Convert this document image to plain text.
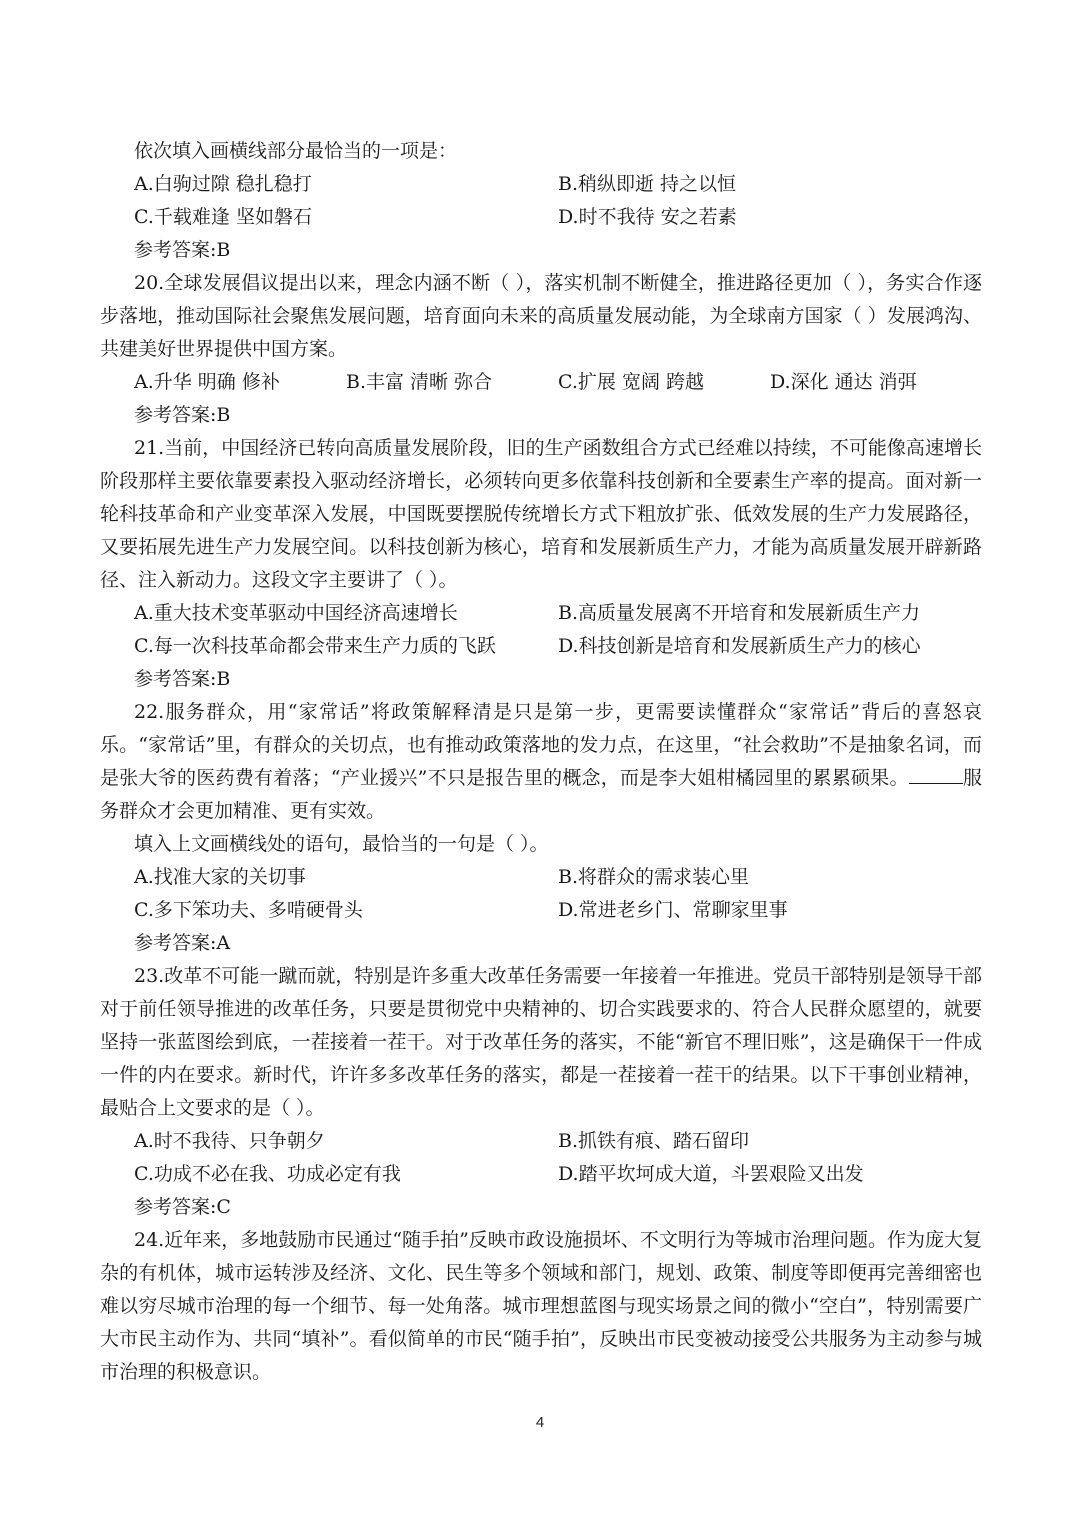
依次填入画横线部分最恰当的一项是：
A.白驹过隙 稳扎稳打	B.稍纵即逝 持之以恒
C.千载难逢 坚如磐石	D.时不我待 安之若素
参考答案:B

20.全球发展倡议提出以来，理念内涵不断（ ），落实机制不断健全，推进路径更加（ ），务实合作逐步落地，推动国际社会聚焦发展问题，培育面向未来的高质量发展动能，为全球南方国家（ ）发展鸿沟、共建美好世界提供中国方案。

A.升华 明确 修补	B.丰富 清晰 弥合	C.扩展 宽阔 跨越	D.深化 通达 消弭
参考答案:B

21.当前，中国经济已转向高质量发展阶段，旧的生产函数组合方式已经难以持续，不可能像高速增长阶段那样主要依靠要素投入驱动经济增长，必须转向更多依靠科技创新和全要素生产率的提高。面对新一轮科技革命和产业变革深入发展，中国既要摆脱传统增长方式下粗放扩张、低效发展的生产力发展路径，又要拓展先进生产力发展空间。以科技创新为核心，培育和发展新质生产力，才能为高质量发展开辟新路径、注入新动力。这段文字主要讲了（ ）。

A.重大技术变革驱动中国经济高速增长	B.高质量发展离不开培育和发展新质生产力
C.每一次科技革命都会带来生产力质的飞跃	D.科技创新是培育和发展新质生产力的核心
参考答案:B

22.服务群众，用“家常话”将政策解释清是只是第一步，更需要读懂群众“家常话”背后的喜怒哀乐。“家常话”里，有群众的关切点，也有推动政策落地的发力点，在这里，“社会救助”不是抽象名词，而是张大爷的医药费有着落；“产业援兴”不只是报告里的概念，而是李大姐柑橘园里的累累硕果。	服务群众才会更加精准、更有实效。

填入上文画横线处的语句，最恰当的一句是（ ）。
A.找准大家的关切事	B.将群众的需求装心里
C.多下笨功夫、多啃硬骨头	D.常进老乡门、常聊家里事
参考答案:A

23.改革不可能一蹴而就，特别是许多重大改革任务需要一年接着一年推进。党员干部特别是领导干部对于前任领导推进的改革任务，只要是贯彻党中央精神的、切合实践要求的、符合人民群众愿望的，就要坚持一张蓝图绘到底，一茬接着一茬干。对于改革任务的落实，不能“新官不理旧账”，这是确保干一件成一件的内在要求。新时代，许许多多改革任务的落实，都是一茬接着一茬干的结果。以下干事创业精神，最贴合上文要求的是（ ）。

A.时不我待、只争朝夕	B.抓铁有痕、踏石留印
C.功成不必在我、功成必定有我	D.踏平坎坷成大道，斗罢艰险又出发
参考答案:C

24.近年来，多地鼓励市民通过“随手拍”反映市政设施损坏、不文明行为等城市治理问题。作为庞大复杂的有机体，城市运转涉及经济、文化、民生等多个领域和部门，规划、政策、制度等即便再完善细密也难以穷尽城市治理的每一个细节、每一处角落。城市理想蓝图与现实场景之间的微小“空白”，特别需要广大市民主动作为、共同“填补”。看似简单的市民“随手拍”，反映出市民变被动接受公共服务为主动参与城市治理的积极意识。

4
